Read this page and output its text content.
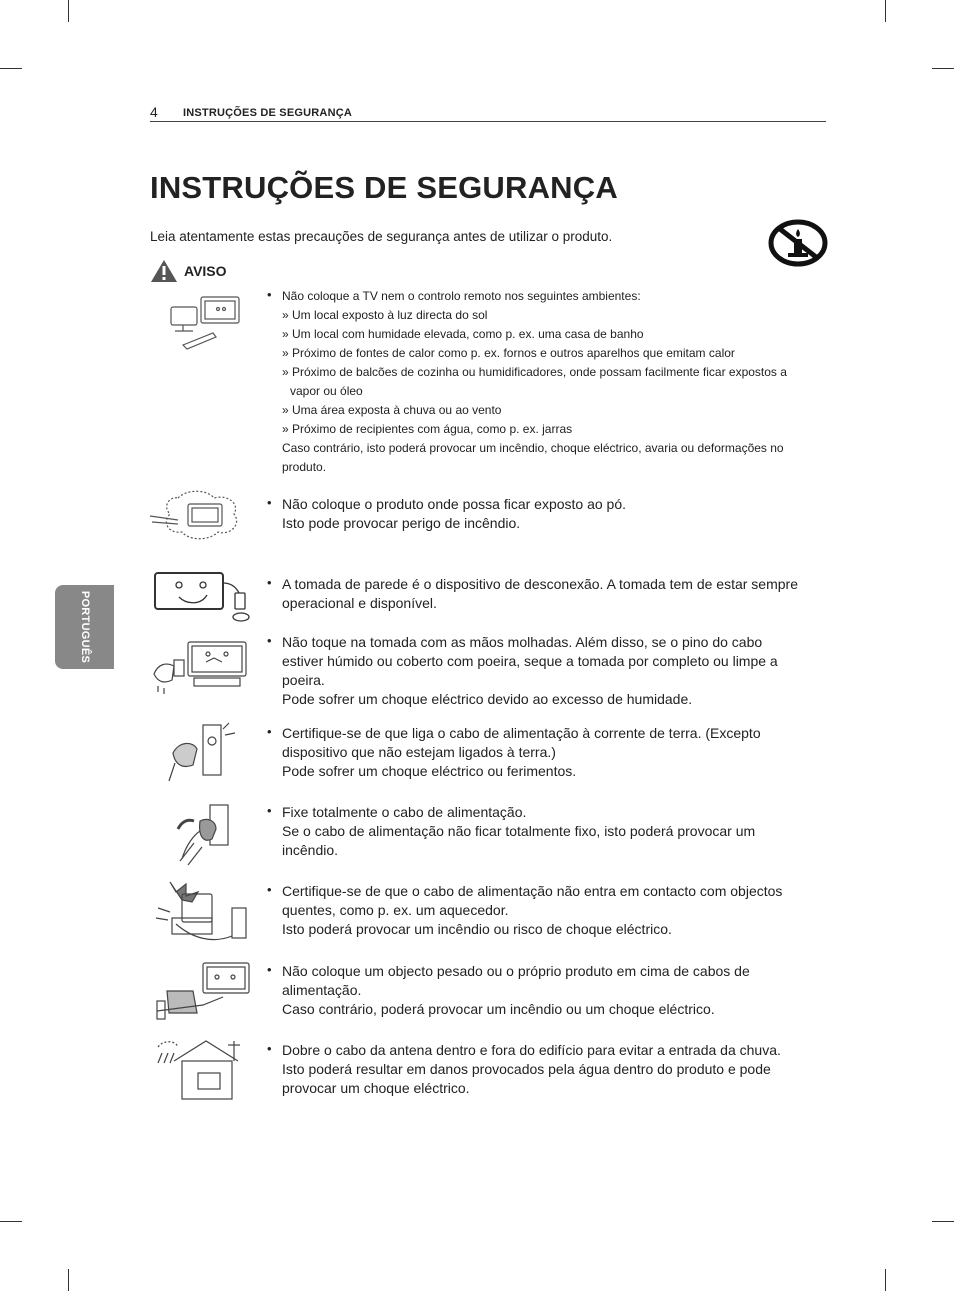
4 INSTRUÇÕES DE SEGURANÇA
INSTRUÇÕES DE SEGURANÇA
Leia atentamente estas precauções de segurança antes de utilizar o produto.
AVISO
PORTUGUÊS
• Não coloque a TV nem o controlo remoto nos seguintes ambientes:
» Um local exposto à luz directa do sol
» Um local com humidade elevada, como p. ex. uma casa de banho
» Próximo de fontes de calor como p. ex. fornos e outros aparelhos que emitam calor
» Próximo de balcões de cozinha ou humidificadores, onde possam facilmente ficar expostos a
vapor ou óleo
» Uma área exposta à chuva ou ao vento
» Próximo de recipientes com água, como p. ex. jarras
Caso contrário, isto poderá provocar um incêndio, choque eléctrico, avaria ou deformações no
produto.
• Não coloque o produto onde possa ficar exposto ao pó.
Isto pode provocar perigo de incêndio.
• A tomada de parede é o dispositivo de desconexão. A tomada tem de estar sempre
operacional e disponível.
• Não toque na tomada com as mãos molhadas. Além disso, se o pino do cabo
estiver húmido ou coberto com poeira, seque a tomada por completo ou limpe a
poeira.
Pode sofrer um choque eléctrico devido ao excesso de humidade.
• Certifique-se de que liga o cabo de alimentação à corrente de terra. (Excepto
dispositivo que não estejam ligados à terra.)
Pode sofrer um choque eléctrico ou ferimentos.
• Fixe totalmente o cabo de alimentação.
Se o cabo de alimentação não ficar totalmente fixo, isto poderá provocar um
incêndio.
• Certifique-se de que o cabo de alimentação não entra em contacto com objectos
quentes, como p. ex. um aquecedor.
Isto poderá provocar um incêndio ou risco de choque eléctrico.
• Não coloque um objecto pesado ou o próprio produto em cima de cabos de
alimentação.
Caso contrário, poderá provocar um incêndio ou um choque eléctrico.
• Dobre o cabo da antena dentro e fora do edifício para evitar a entrada da chuva.
Isto poderá resultar em danos provocados pela água dentro do produto e pode
provocar um choque eléctrico.
